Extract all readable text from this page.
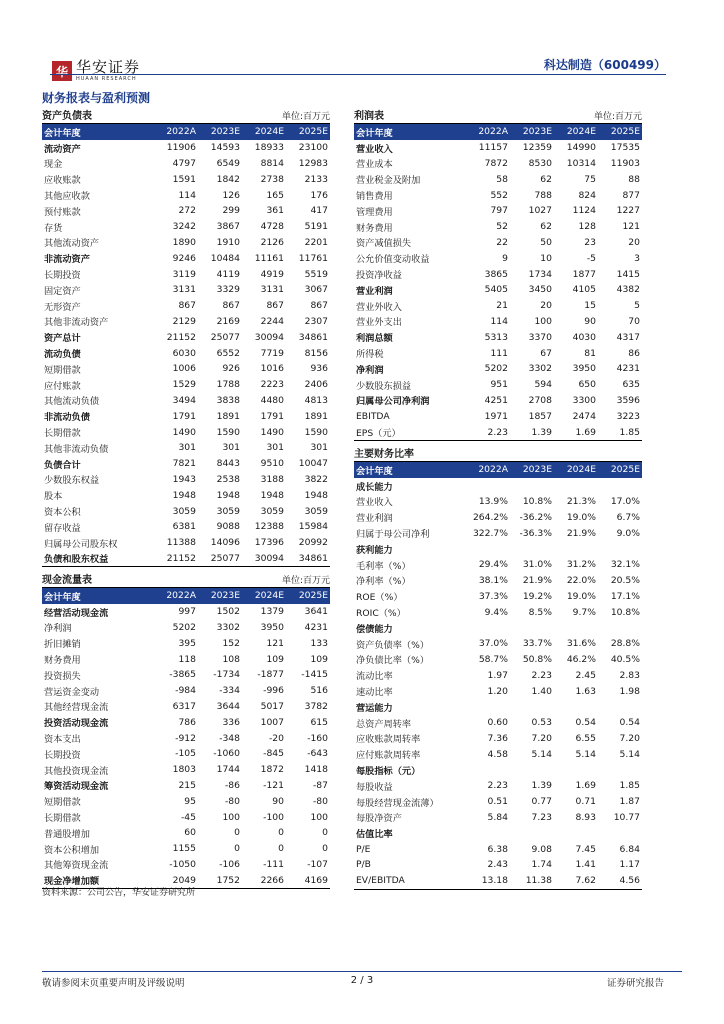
华 华安证券
HUAAN RESEARCH
科达制造（600499）
财务报表与盈利预测
资产负债表	单位:百万元
会计年度	2022A	2023E	2024E	2025E
流动资产	11906	14593	18933	23100
现金	4797	6549	8814	12983
应收账款	1591	1842	2738	2133
其他应收款	114	126	165	176
预付账款	272	299	361	417
存货	3242	3867	4728	5191
其他流动资产	1890	1910	2126	2201
非流动资产	9246	10484	11161	11761
长期投资	3119	4119	4919	5519
固定资产	3131	3329	3131	3067
无形资产	867	867	867	867
其他非流动资产	2129	2169	2244	2307
资产总计	21152	25077	30094	34861
流动负债	6030	6552	7719	8156
短期借款	1006	926	1016	936
应付账款	1529	1788	2223	2406
其他流动负债	3494	3838	4480	4813
非流动负债	1791	1891	1791	1891
长期借款	1490	1590	1490	1590
其他非流动负债	301	301	301	301
负债合计	7821	8443	9510	10047
少数股东权益	1943	2538	3188	3822
股本	1948	1948	1948	1948
资本公积	3059	3059	3059	3059
留存收益	6381	9088	12388	15984
归属母公司股东权	11388	14096	17396	20992
负债和股东权益	21152	25077	30094	34861
利润表	单位:百万元
会计年度	2022A	2023E	2024E	2025E
营业收入	11157	12359	14990	17535
营业成本	7872	8530	10314	11903
营业税金及附加	58	62	75	88
销售费用	552	788	824	877
管理费用	797	1027	1124	1227
财务费用	52	62	128	121
资产减值损失	22	50	23	20
公允价值变动收益	9	10	-5	3
投资净收益	3865	1734	1877	1415
营业利润	5405	3450	4105	4382
营业外收入	21	20	15	5
营业外支出	114	100	90	70
利润总额	5313	3370	4030	4317
所得税	111	67	81	86
净利润	5202	3302	3950	4231
少数股东损益	951	594	650	635
归属母公司净利润	4251	2708	3300	3596
EBITDA	1971	1857	2474	3223
EPS（元）	2.23	1.39	1.69	1.85
主要财务比率
会计年度	2022A	2023E	2024E	2025E
成长能力				
营业收入	13.9%	10.8%	21.3%	17.0%
营业利润	264.2%	-36.2%	19.0%	6.7%
归属于母公司净利	322.7%	-36.3%	21.9%	9.0%
获利能力				
毛利率（%）	29.4%	31.0%	31.2%	32.1%
净利率（%）	38.1%	21.9%	22.0%	20.5%
ROE（%）	37.3%	19.2%	19.0%	17.1%
ROIC（%）	9.4%	8.5%	9.7%	10.8%
偿债能力				
资产负债率（%）	37.0%	33.7%	31.6%	28.8%
净负债比率（%）	58.7%	50.8%	46.2%	40.5%
流动比率	1.97	2.23	2.45	2.83
速动比率	1.20	1.40	1.63	1.98
营运能力				
总资产周转率	0.60	0.53	0.54	0.54
应收账款周转率	7.36	7.20	6.55	7.20
应付账款周转率	4.58	5.14	5.14	5.14
每股指标（元）				
每股收益	2.23	1.39	1.69	1.85
每股经营现金流薄）	0.51	0.77	0.71	1.87
每股净资产	5.84	7.23	8.93	10.77
估值比率				
P/E	6.38	9.08	7.45	6.84
P/B	2.43	1.74	1.41	1.17
EV/EBITDA	13.18	11.38	7.62	4.56
现金流量表	单位:百万元
会计年度	2022A	2023E	2024E	2025E
经营活动现金流	997	1502	1379	3641
净利润	5202	3302	3950	4231
折旧摊销	395	152	121	133
财务费用	118	108	109	109
投资损失	-3865	-1734	-1877	-1415
营运资金变动	-984	-334	-996	516
其他经营现金流	6317	3644	5017	3782
投资活动现金流	786	336	1007	615
资本支出	-912	-348	-20	-160
长期投资	-105	-1060	-845	-643
其他投资现金流	1803	1744	1872	1418
筹资活动现金流	215	-86	-121	-87
短期借款	95	-80	90	-80
长期借款	-45	100	-100	100
普通股增加	60	0	0	0
资本公积增加	1155	0	0	0
其他筹资现金流	-1050	-106	-111	-107
现金净增加额	2049	1752	2266	4169
资料来源：公司公告，华安证券研究所
敬请参阅末页重要声明及评级说明	2 / 3	证券研究报告
